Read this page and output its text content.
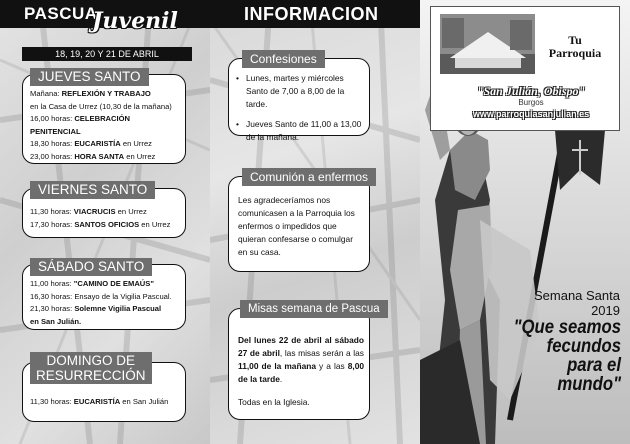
PASCUA
Juvenil	INFORMACION
18, 19, 20 Y 21 DE ABRIL
JUEVES SANTO
Mañana: REFLEXIÓN Y TRABAJO
en la Casa de Urrez (10,30 de la mañana)
16,00 horas: CELEBRACIÓN PENITENCIAL
18,30 horas: EUCARISTÍA en Urrez
23,00 horas: HORA SANTA en Urrez
VIERNES SANTO
11,30 horas: VIACRUCIS en Urrez
17,30 horas: SANTOS OFICIOS en Urrez
SÁBADO SANTO
11,00 horas: "CAMINO DE EMAÚS"
16,30 horas: Ensayo de la Vigilia Pascual.
21,30 horas: Solemne Vigilia Pascual
en San Julián.
DOMINGO DE
RESURRECCIÓN
11,30 horas: EUCARISTÍA en San Julián
Confesiones
• Lunes, martes y miércoles Santo de 7,00 a 8,00 de la tarde.
• Jueves Santo de 11,00 a 13,00 de la mañana.
Comunión a enfermos
Les agradeceríamos nos comunicasen a la Parroquia los enfermos o impedidos que quieran confesarse o comulgar en su casa.
Misas semana de Pascua
Del lunes 22 de abril al sábado 27 de abril, las misas serán a las 11,00 de la mañana y a las 8,00 de la tarde.
Todas en la Iglesia.
Tu
Parroquia
"San Julián, Obispo"
Burgos
www.parroquiasanjulian.es
Semana Santa
2019
"Que seamos
fecundos
para el
mundo"
